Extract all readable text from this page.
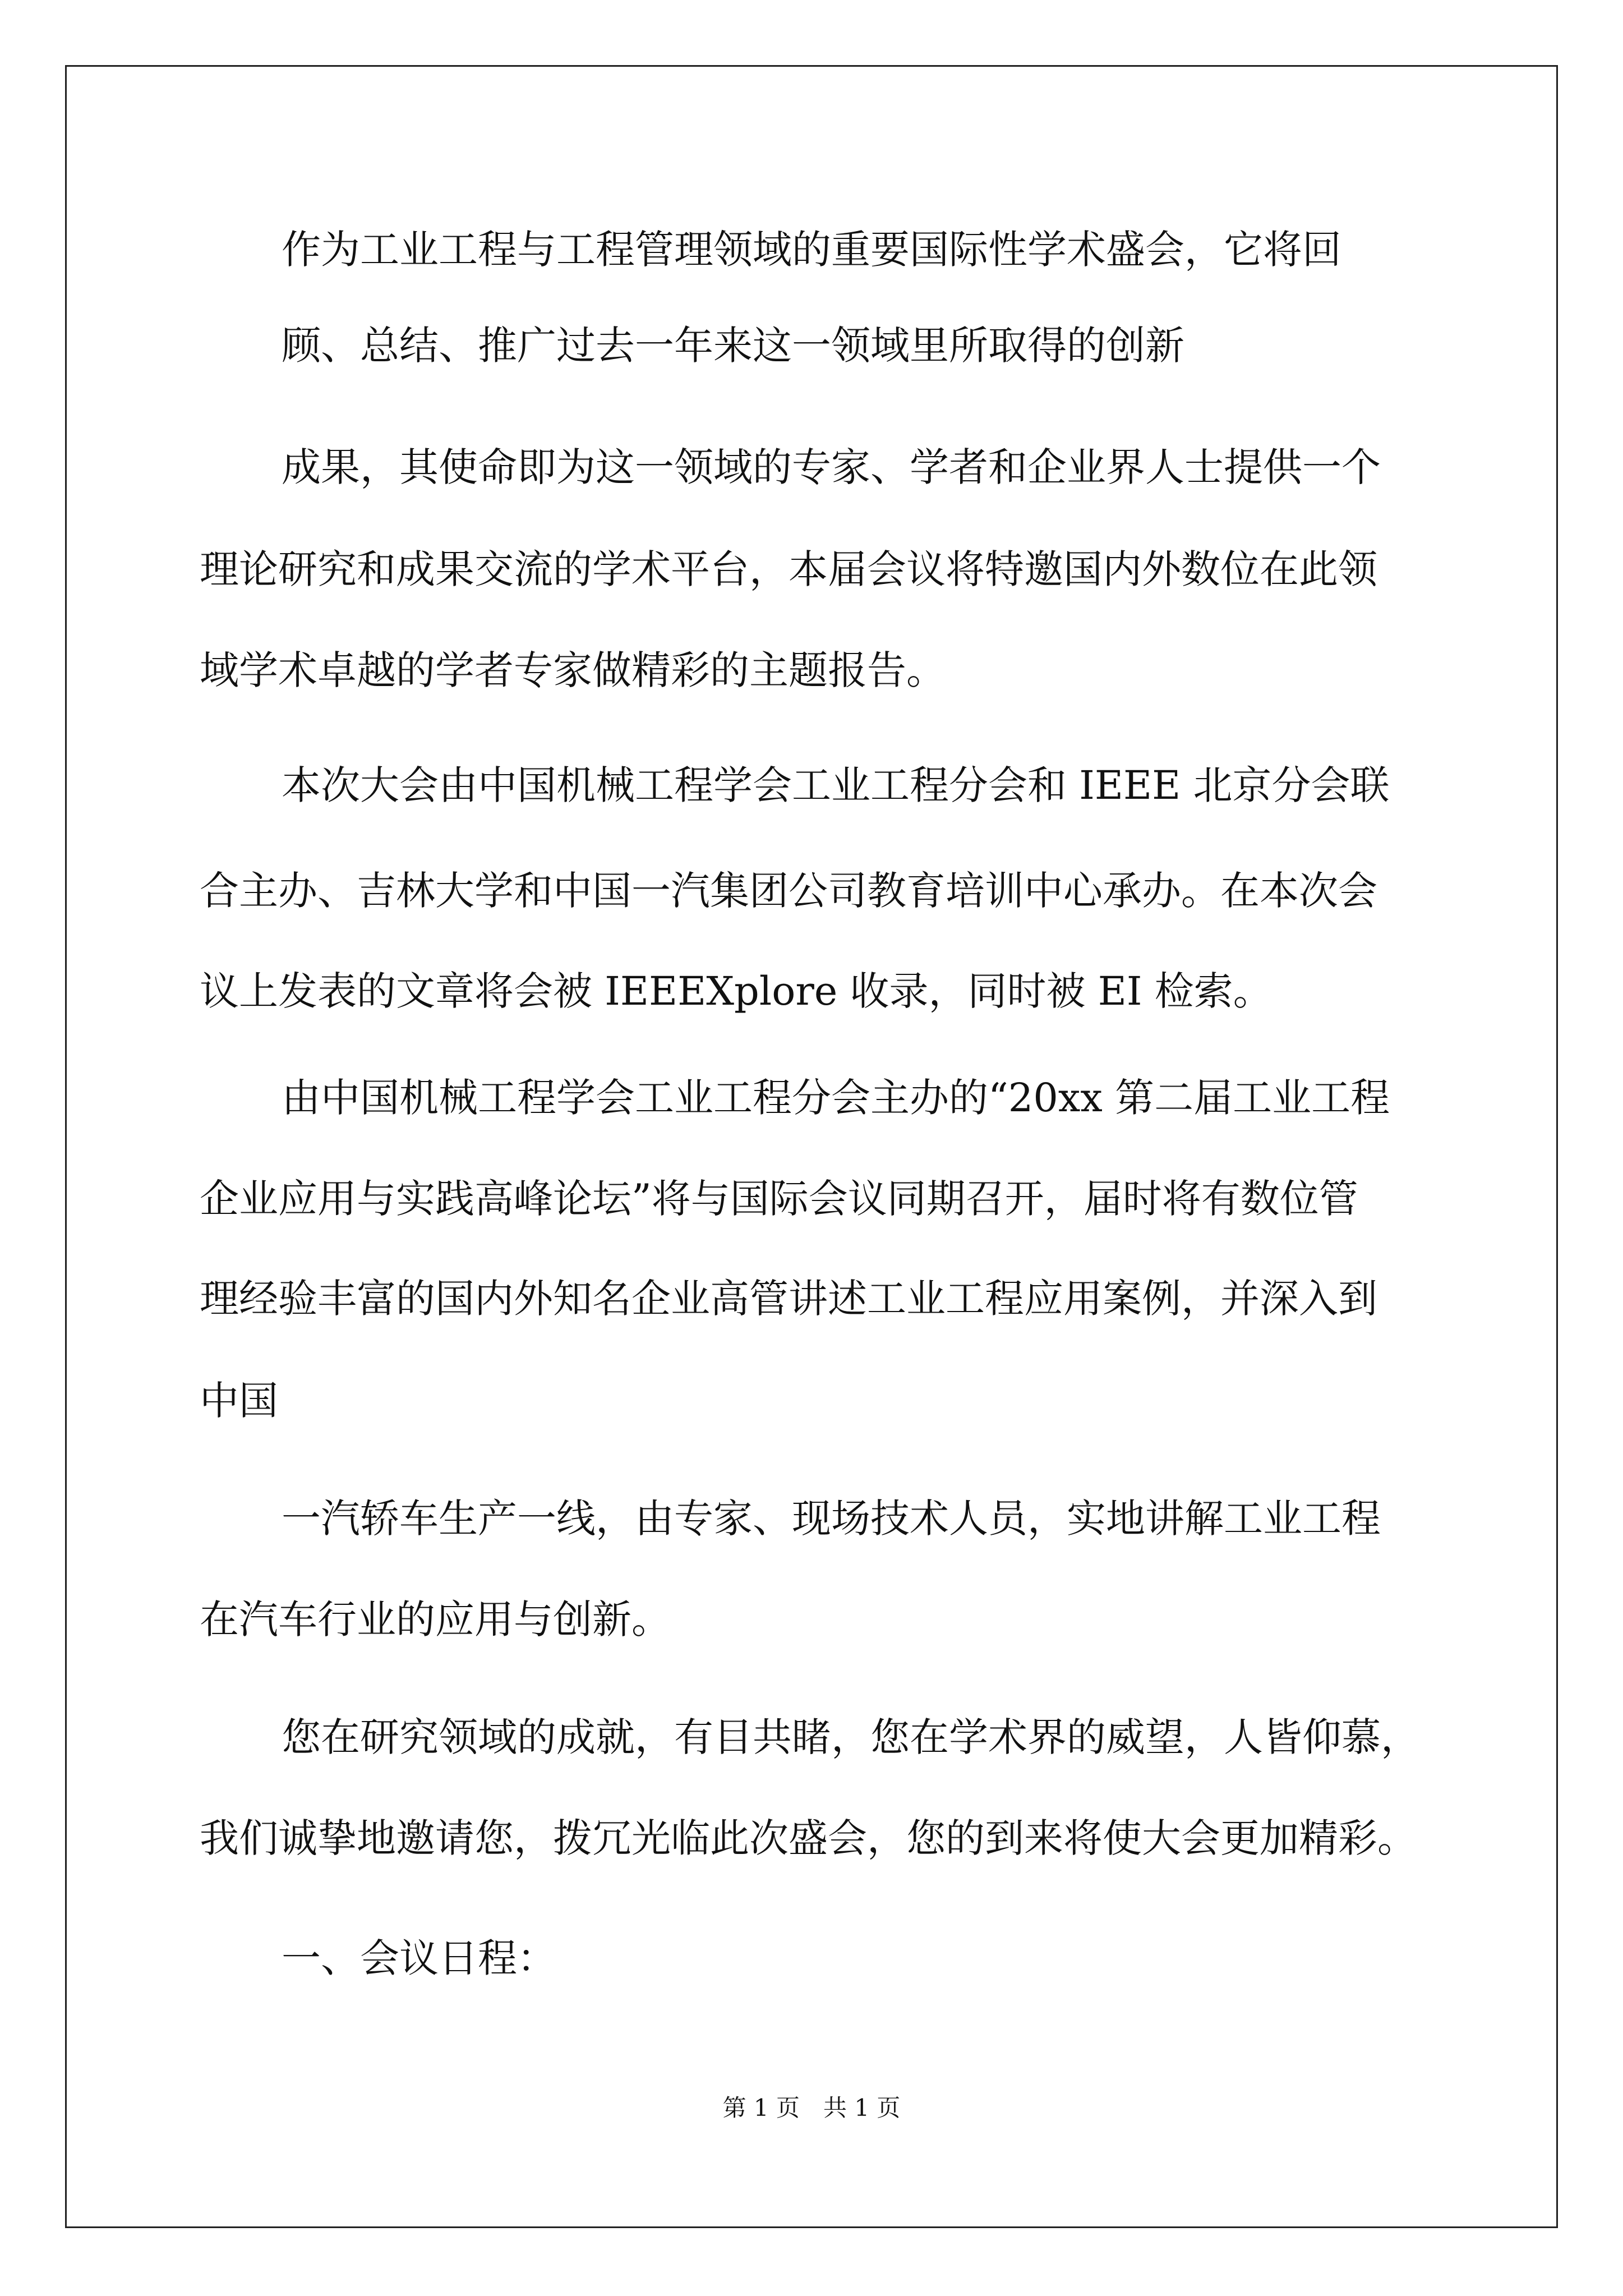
作为工业工程与工程管理领域的重要国际性学术盛会，它将回
顾、总结、推广过去一年来这一领域里所取得的创新
成果，其使命即为这一领域的专家、学者和企业界人士提供一个
理论研究和成果交流的学术平台，本届会议将特邀国内外数位在此领
域学术卓越的学者专家做精彩的主题报告。
本次大会由中国机械工程学会工业工程分会和 IEEE 北京分会联
合主办、吉林大学和中国一汽集团公司教育培训中心承办。在本次会
议上发表的文章将会被 IEEEXplore 收录，同时被 EI 检索。
由中国机械工程学会工业工程分会主办的“20xx 第二届工业工程
企业应用与实践高峰论坛”将与国际会议同期召开，届时将有数位管
理经验丰富的国内外知名企业高管讲述工业工程应用案例，并深入到
中国
一汽轿车生产一线，由专家、现场技术人员，实地讲解工业工程
在汽车行业的应用与创新。
您在研究领域的成就，有目共睹，您在学术界的威望，人皆仰慕，
我们诚挚地邀请您，拨冗光临此次盛会，您的到来将使大会更加精彩。
一、会议日程：
第 1 页　共 1 页
